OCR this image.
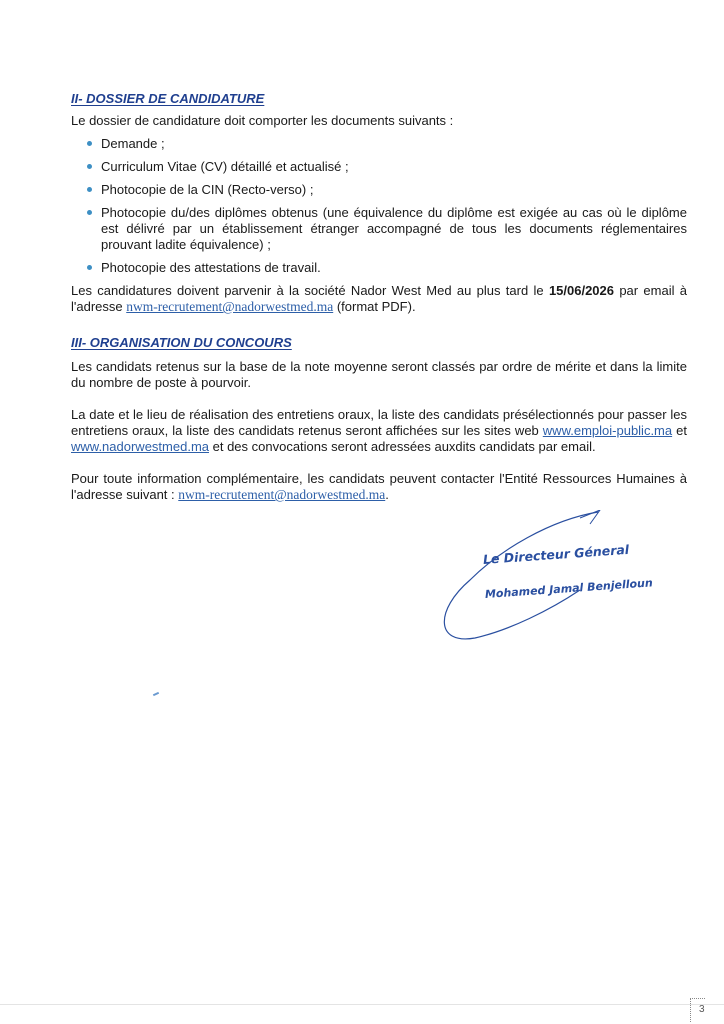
II- DOSSIER DE CANDIDATURE

Le dossier de candidature doit comporter les documents suivants :

Demande ;
Curriculum Vitae (CV) détaillé et actualisé ;
Photocopie de la CIN (Recto-verso) ;
Photocopie du/des diplômes obtenus (une équivalence du diplôme est exigée au cas où le diplôme est délivré par un établissement étranger accompagné de tous les documents réglementaires prouvant ladite équivalence) ;
Photocopie des attestations de travail.

Les candidatures doivent parvenir à la société Nador West Med au plus tard le 15/06/2026 par email à l'adresse nwm-recrutement@nadorwestmed.ma (format PDF).

III- ORGANISATION DU CONCOURS

Les candidats retenus sur la base de la note moyenne seront classés par ordre de mérite et dans la limite du nombre de poste à pourvoir.

La date et le lieu de réalisation des entretiens oraux, la liste des candidats présélectionnés pour passer les entretiens oraux, la liste des candidats retenus seront affichées sur les sites web www.emploi-public.ma et www.nadorwestmed.ma et des convocations seront adressées auxdits candidats par email.

Pour toute information complémentaire, les candidats peuvent contacter l'Entité Ressources Humaines à l'adresse suivant : nwm-recrutement@nadorwestmed.ma.

Le Directeur Géneral
Mohamed Jamal Benjelloun
3
